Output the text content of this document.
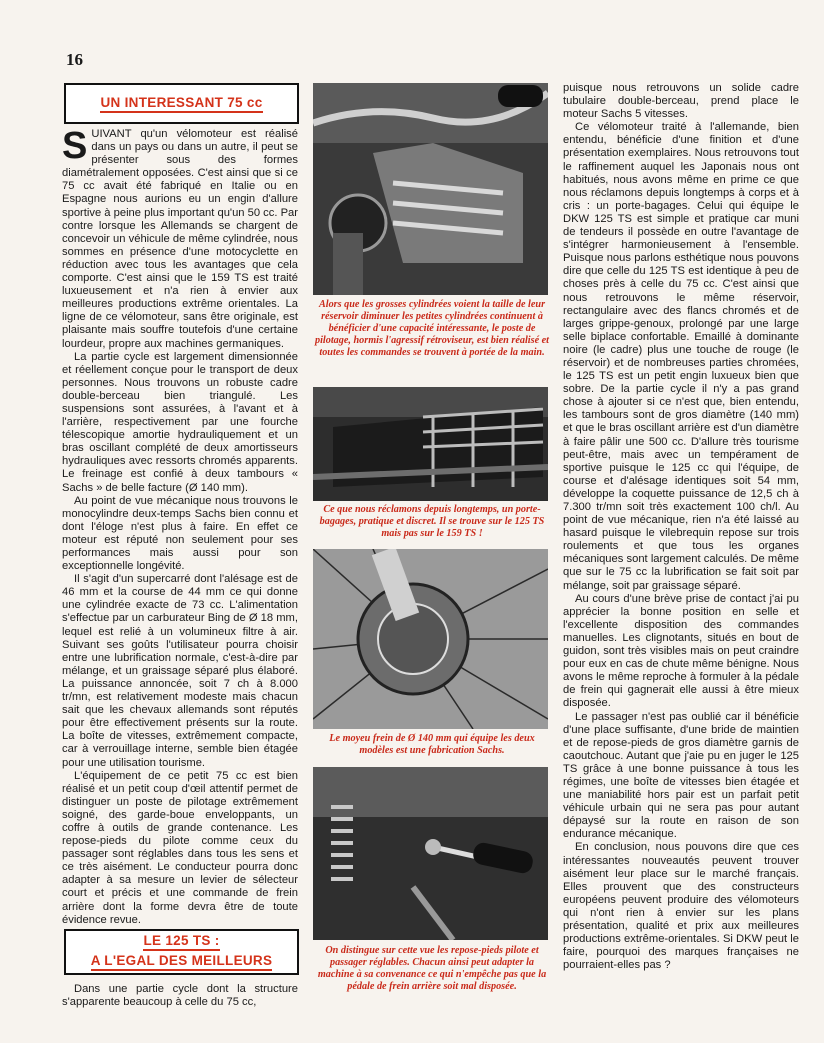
16
UN INTERESSANT 75 cc

SUIVANT qu'un vélomoteur est réalisé dans un pays ou dans un autre, il peut se présenter sous des formes diamétralement opposées. C'est ainsi que si ce 75 cc avait été fabriqué en Italie ou en Espagne nous aurions eu un engin d'allure sportive à peine plus important qu'un 50 cc. Par contre lorsque les Allemands se chargent de concevoir un véhicule de même cylindrée, nous sommes en présence d'une motocyclette en réduction avec tous les avantages que cela comporte. C'est ainsi que le 159 TS est traité luxueusement et n'a rien à envier aux meilleures productions extrême orientales. La ligne de ce vélomoteur, sans être originale, est plaisante mais souffre toutefois d'une certaine lourdeur, propre aux machines germaniques.

La partie cycle est largement dimensionnée et réellement conçue pour le transport de deux personnes. Nous trouvons un robuste cadre double-berceau bien triangulé. Les suspensions sont assurées, à l'avant et à l'arrière, respectivement par une fourche télescopique amortie hydrauliquement et un bras oscillant complété de deux amortisseurs hydrauliques avec ressorts chromés apparents. Le freinage est confié à deux tambours « Sachs » de belle facture (Ø 140 mm).

Au point de vue mécanique nous trouvons le monocylindre deux-temps Sachs bien connu et dont l'éloge n'est plus à faire. En effet ce moteur est réputé non seulement pour ses performances mais aussi pour son exceptionnelle longévité.

Il s'agit d'un supercarré dont l'alésage est de 46 mm et la course de 44 mm ce qui donne une cylindrée exacte de 73 cc. L'alimentation s'effectue par un carburateur Bing de Ø 18 mm, lequel est relié à un volumineux filtre à air. Suivant ses goûts l'utilisateur pourra choisir entre une lubrification normale, c'est-à-dire par mélange, et un graissage séparé plus élaboré. La puissance annoncée, soit 7 ch à 8.000 tr/mn, est relativement modeste mais chacun sait que les chevaux allemands sont réputés pour être effectivement présents sur la route. La boîte de vitesses, extrêmement compacte, car à verrouillage interne, semble bien étagée pour une utilisation tourisme.

L'équipement de ce petit 75 cc est bien réalisé et un petit coup d'œil attentif permet de distinguer un poste de pilotage extrêmement soigné, des garde-boue enveloppants, un coffre à outils de grande contenance. Les repose-pieds du pilote comme ceux du passager sont réglables dans tous les sens et ce très aisément. Le conducteur pourra donc adapter à sa mesure un levier de sélecteur court et précis et une commande de frein arrière dont la forme devra être de toute évidence revue.

LE 125 TS :
A L'EGAL DES MEILLEURS

Dans une partie cycle dont la structure s'apparente beaucoup à celle du 75 cc,

Alors que les grosses cylindrées voient la taille de leur réservoir diminuer les petites cylindrées continuent à bénéficier d'une capacité intéressante, le poste de pilotage, hormis l'agressif rétroviseur, est bien réalisé et toutes les commandes se trouvent à portée de la main.
Ce que nous réclamons depuis longtemps, un porte-bagages, pratique et discret. Il se trouve sur le 125 TS mais pas sur le 159 TS !
Le moyeu frein de Ø 140 mm qui équipe les deux modèles est une fabrication Sachs.
On distingue sur cette vue les repose-pieds pilote et passager réglables. Chacun ainsi peut adapter la machine à sa convenance ce qui n'empêche pas que la pédale de frein arrière soit mal disposée.

puisque nous retrouvons un solide cadre tubulaire double-berceau, prend place le moteur Sachs 5 vitesses.

Ce vélomoteur traité à l'allemande, bien entendu, bénéficie d'une finition et d'une présentation exemplaires. Nous retrouvons tout le raffinement auquel les Japonais nous ont habitués, nous avons même en prime ce que nous réclamons depuis longtemps à corps et à cris : un porte-bagages. Celui qui équipe le DKW 125 TS est simple et pratique car muni de tendeurs il possède en outre l'avantage de s'intégrer harmonieusement à l'ensemble. Puisque nous parlons esthétique nous pouvons dire que celle du 125 TS est identique à peu de choses près à celle du 75 cc. C'est ainsi que nous retrouvons le même réservoir, rectangulaire avec des flancs chromés et de larges grippe-genoux, prolongé par une large selle biplace confortable. Emaillé à dominante noire (le cadre) plus une touche de rouge (le réservoir) et de nombreuses parties chromées, le 125 TS est un petit engin luxueux bien que sobre. De la partie cycle il n'y a pas grand chose à ajouter si ce n'est que, bien entendu, les tambours sont de gros diamètre (140 mm) et que le bras oscillant arrière est d'un diamètre à faire pâlir une 500 cc. D'allure très tourisme peut-être, mais avec un tempérament de sportive puisque le 125 cc qui l'équipe, de course et d'alésage identiques soit 54 mm, développe la coquette puissance de 12,5 ch à 7.300 tr/mn soit très exactement 100 ch/l. Au point de vue mécanique, rien n'a été laissé au hasard puisque le vilebrequin repose sur trois roulements et que tous les organes mécaniques sont largement calculés. De même que sur le 75 cc la lubrification se fait soit par mélange, soit par graissage séparé.

Au cours d'une brève prise de contact j'ai pu apprécier la bonne position en selle et l'excellente disposition des commandes manuelles. Les clignotants, situés en bout de guidon, sont très visibles mais on peut craindre pour eux en cas de chute même bénigne. Nous avons le même reproche à formuler à la pédale de frein qui gagnerait elle aussi à être mieux disposée.

Le passager n'est pas oublié car il bénéficie d'une place suffisante, d'une bride de maintien et de repose-pieds de gros diamètre garnis de caoutchouc. Autant que j'aie pu en juger le 125 TS grâce à une bonne puissance à tous les régimes, une boîte de vitesses bien étagée et une maniabilité hors pair est un parfait petit véhicule urbain qui ne sera pas pour autant dépaysé sur la route en raison de son endurance mécanique.

En conclusion, nous pouvons dire que ces intéressantes nouveautés peuvent trouver aisément leur place sur le marché français. Elles prouvent que des constructeurs européens peuvent produire des vélomoteurs qui n'ont rien à envier sur les plans présentation, qualité et prix aux meilleures productions extrême-orientales. Si DKW peut le faire, pourquoi des marques françaises ne pourraient-elles pas ?
